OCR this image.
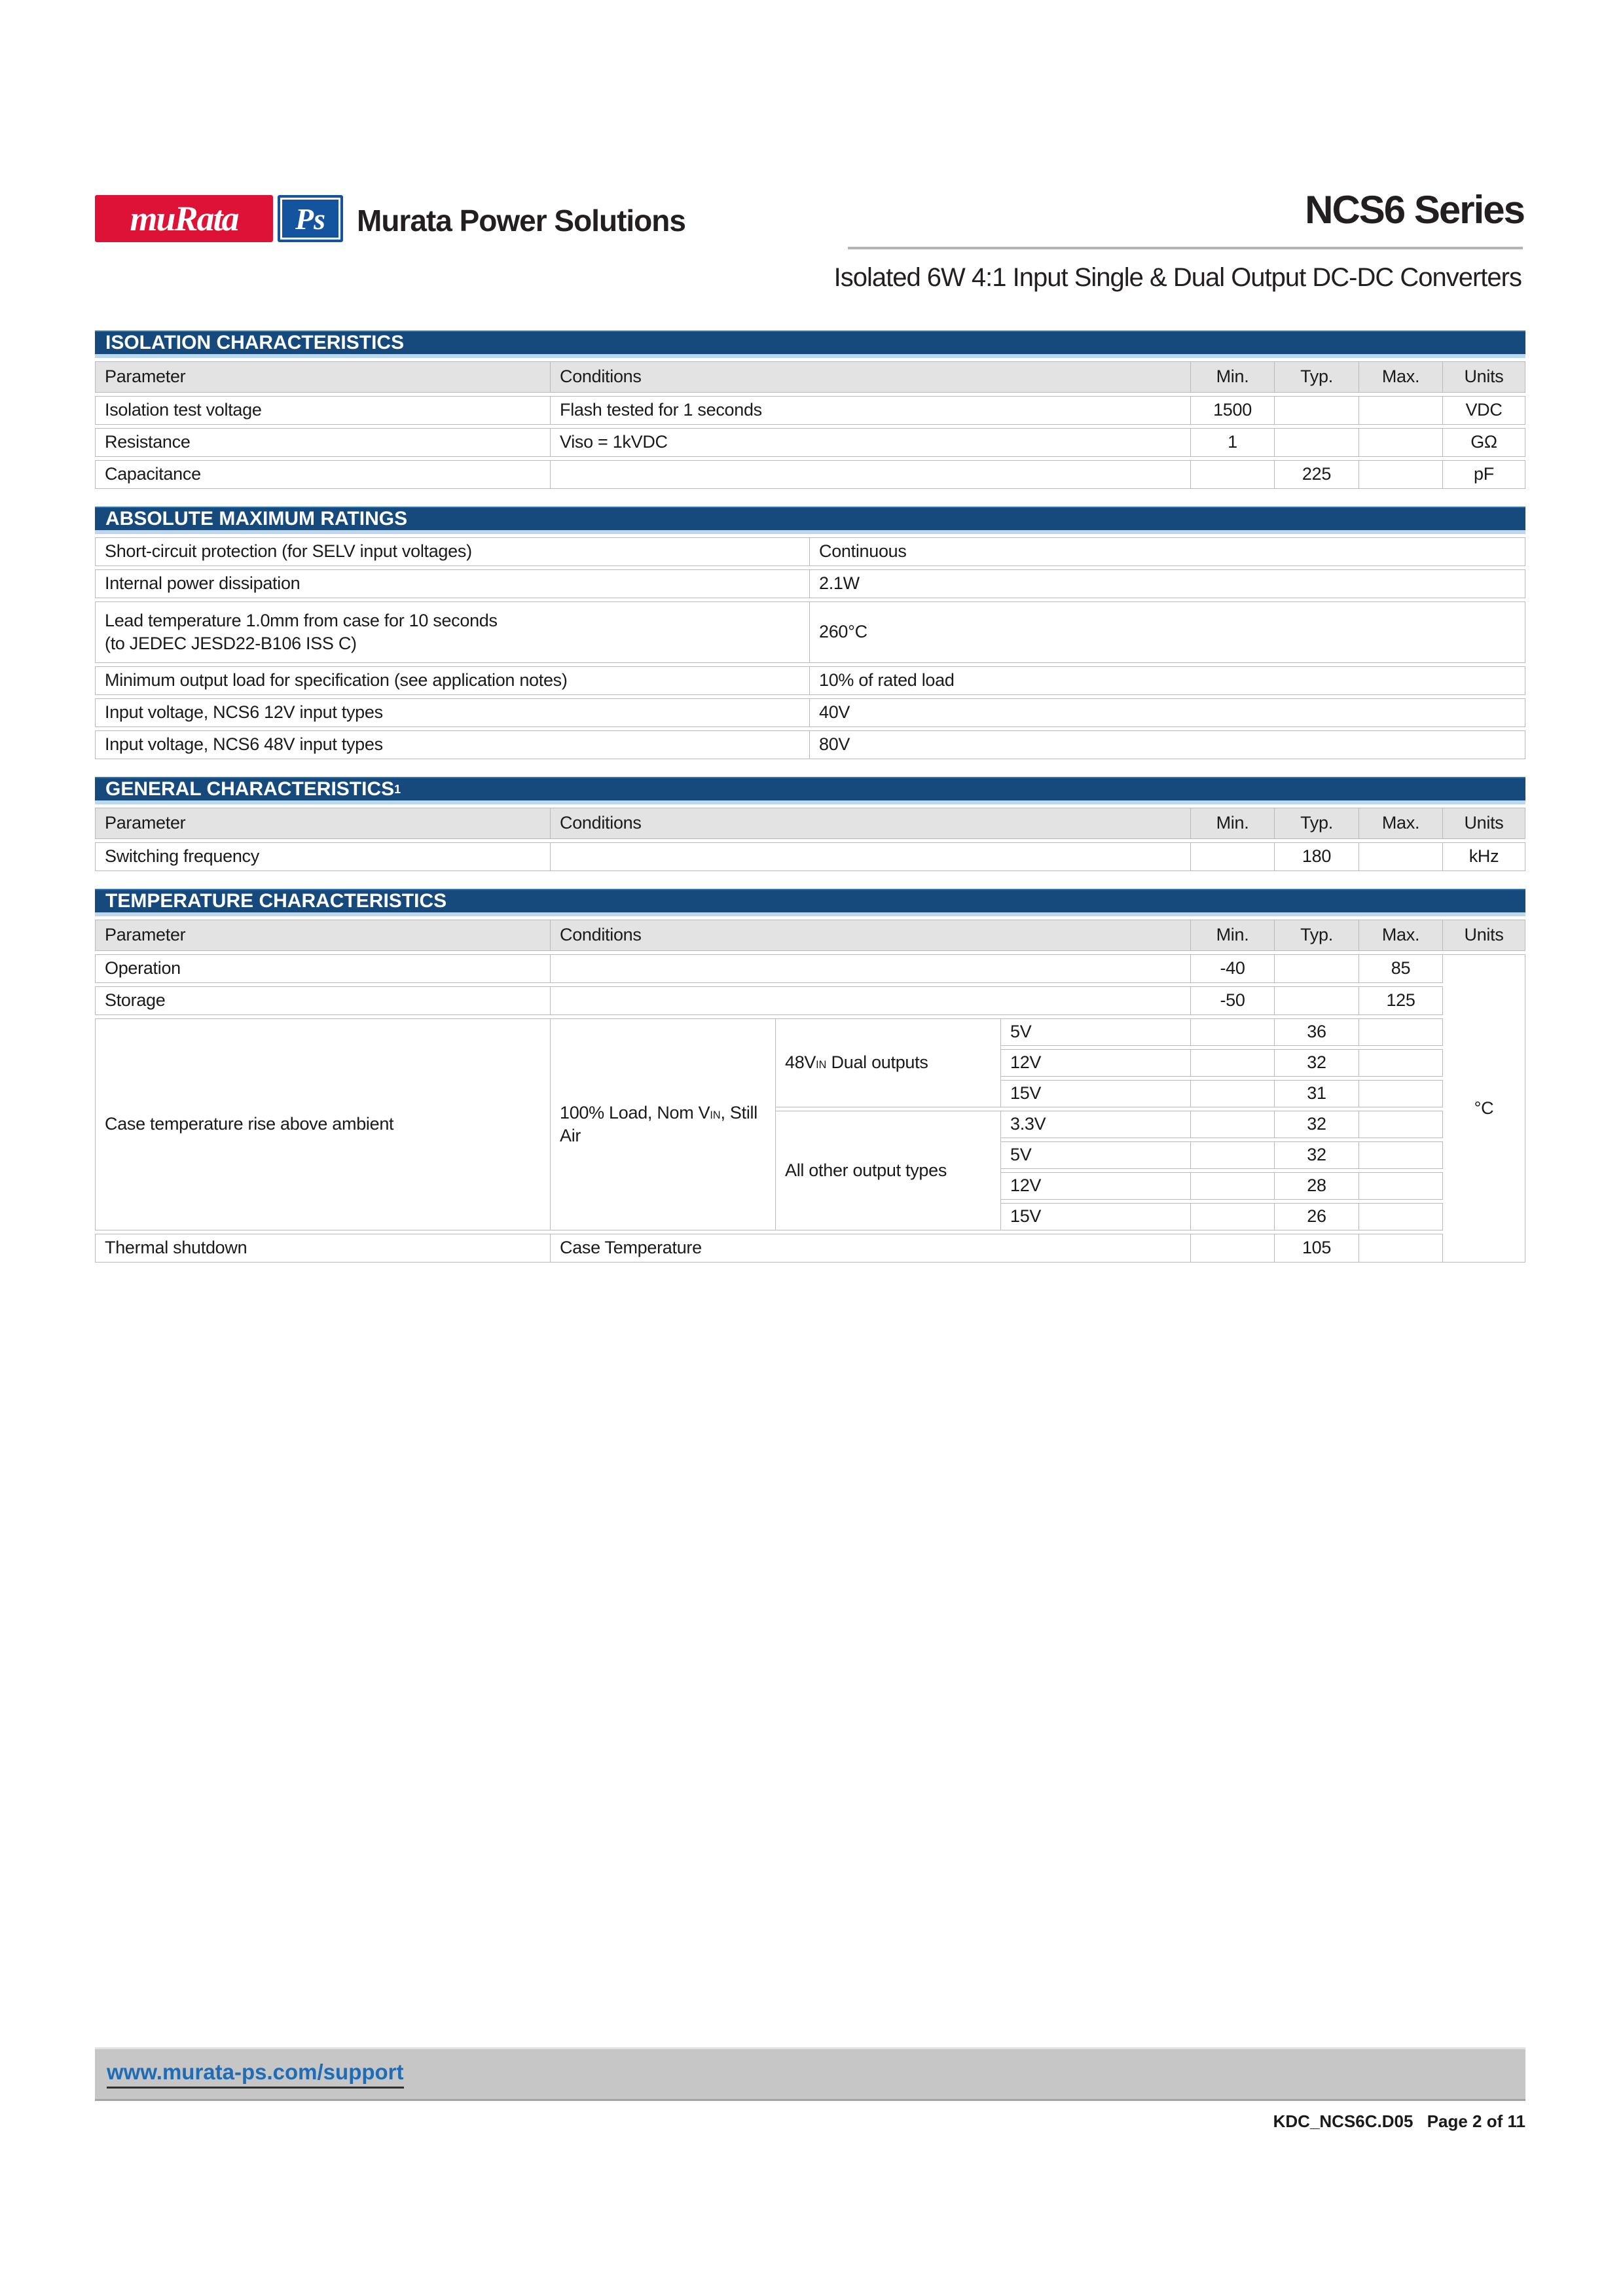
muRata Ps Murata Power Solutions	NCS6 Series
Isolated 6W 4:1 Input Single & Dual Output DC-DC Converters
ISOLATION CHARACTERISTICS
Parameter	Conditions	Min.	Typ.	Max.	Units
Isolation test voltage	Flash tested for 1 seconds	1500			VDC
Resistance	Viso = 1kVDC	1			GΩ
Capacitance			225		pF
ABSOLUTE MAXIMUM RATINGS
Short-circuit protection (for SELV input voltages)	Continuous
Internal power dissipation	2.1W
Lead temperature 1.0mm from case for 10 seconds
(to JEDEC JESD22-B106 ISS C)	260°C
Minimum output load for specification (see application notes)	10% of rated load
Input voltage, NCS6 12V input types	40V
Input voltage, NCS6 48V input types	80V
GENERAL CHARACTERISTICS 1
Parameter	Conditions	Min.	Typ.	Max.	Units
Switching frequency			180		kHz
TEMPERATURE CHARACTERISTICS
Parameter	Conditions			Min.	Typ.	Max.	Units
Operation				-40		85	°C
Storage				-50		125	
Case temperature rise above ambient	100% Load, Nom VIN, Still Air	48VIN Dual outputs	5V		36		
			12V		32		
			15V		31		
		All other output types	3.3V		32		
			5V		32		
			12V		28		
			15V		26		
Thermal shutdown	Case Temperature				105		
www.murata-ps.com/support
KDC_NCS6C.D05 Page 2 of 11
